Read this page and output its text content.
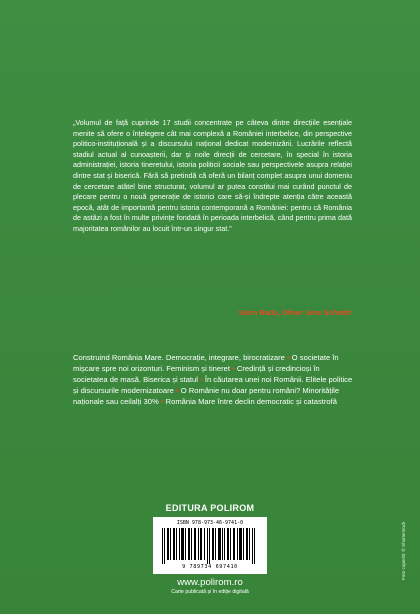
„Volumul de față cuprinde 17 studii concentrate pe câteva dintre direcțiile esențiale menite să ofere o înțelegere cât mai complexă a României interbelice, din perspective politico-instituțională și a discursului național dedicat modernizării. Lucrările reflectă stadiul actual al cunoașterii, dar și noile direcții de cercetare, în special în istoria administrației, istoria tineretului, istoria politicii sociale sau perspectivele asupra relației dintre stat și biserică. Fără să pretindă că oferă un bilanț complet asupra unui domeniu de cercetare atâtel bine structurat, volumul ar putea constitui mai curând punctul de plecare pentru o nouă generație de istorici care să-și îndrepte atenția către această epocă, atât de importantă pentru istoria contemporană a României: pentru că România de astăzi a fost în multe privințe fondată în perioada interbelică, când pentru prima dată majoritatea românilor au locuit într-un singur stat.”

Sorin Radu, Oliver Jens Schmitt

Construind România Mare. Democrație, integrare, birocratizare • O societate în mișcare spre noi orizonturi. Feminism și tineret • Credință și credincioși în societatea de masă. Biserica și statul • În căutarea unei noi Românii. Elitele politice și discursurile modernizatoare • O Românie nu doar pentru români? Minoritățile naționale sau ceilalți 30% • România Mare între declin democratic și catastrofă

EDITURA POLIROM
ISBN 978-973-46-9741-0
9 789734 697410
www.polirom.ro
Carte publicată și în ediție digitală
Foto copertă: © Shutterstock
